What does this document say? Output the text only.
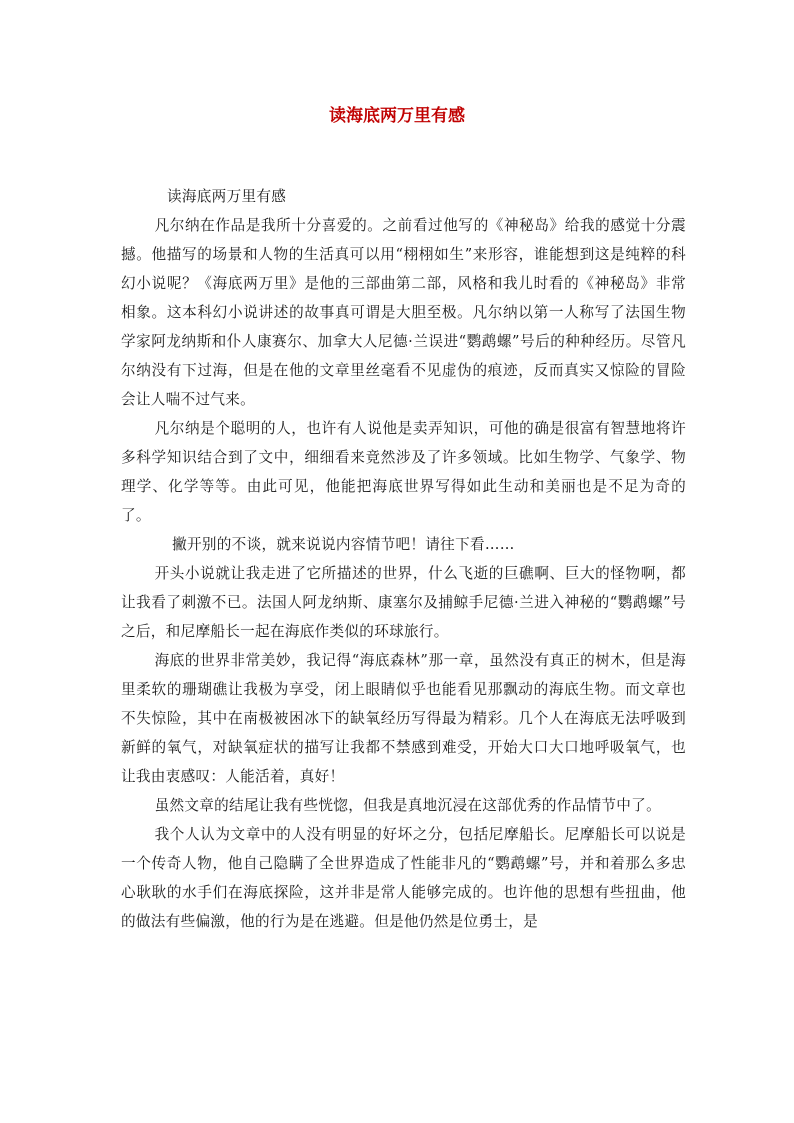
读海底两万里有感

读海底两万里有感

凡尔纳在作品是我所十分喜爱的。之前看过他写的《神秘岛》给我的感觉十分震撼。他描写的场景和人物的生活真可以用“栩栩如生”来形容，谁能想到这是纯粹的科幻小说呢？《海底两万里》是他的三部曲第二部，风格和我儿时看的《神秘岛》非常相象。这本科幻小说讲述的故事真可谓是大胆至极。凡尔纳以第一人称写了法国生物学家阿龙纳斯和仆人康赛尔、加拿大人尼德·兰误进“鹦鹉螺”号后的种种经历。尽管凡尔纳没有下过海，但是在他的文章里丝毫看不见虚伪的痕迹，反而真实又惊险的冒险会让人喘不过气来。

凡尔纳是个聪明的人，也许有人说他是卖弄知识，可他的确是很富有智慧地将许多科学知识结合到了文中，细细看来竟然涉及了许多领域。比如生物学、气象学、物理学、化学等等。由此可见，他能把海底世界写得如此生动和美丽也是不足为奇的了。

撇开别的不谈，就来说说内容情节吧！请往下看……

开头小说就让我走进了它所描述的世界，什么飞逝的巨礁啊、巨大的怪物啊，都让我看了刺激不已。法国人阿龙纳斯、康塞尔及捕鲸手尼德·兰进入神秘的“鹦鹉螺”号之后，和尼摩船长一起在海底作类似的环球旅行。

海底的世界非常美妙，我记得“海底森林”那一章，虽然没有真正的树木，但是海里柔软的珊瑚礁让我极为享受，闭上眼睛似乎也能看见那飘动的海底生物。而文章也不失惊险，其中在南极被困冰下的缺氧经历写得最为精彩。几个人在海底无法呼吸到新鲜的氧气，对缺氧症状的描写让我都不禁感到难受，开始大口大口地呼吸氧气，也让我由衷感叹：人能活着，真好！

虽然文章的结尾让我有些恍惚，但我是真地沉浸在这部优秀的作品情节中了。

我个人认为文章中的人没有明显的好坏之分，包括尼摩船长。尼摩船长可以说是一个传奇人物，他自己隐瞒了全世界造成了性能非凡的“鹦鹉螺”号，并和着那么多忠心耿耿的水手们在海底探险，这并非是常人能够完成的。也许他的思想有些扭曲，他的做法有些偏激，他的行为是在逃避。但是他仍然是位勇士，是
